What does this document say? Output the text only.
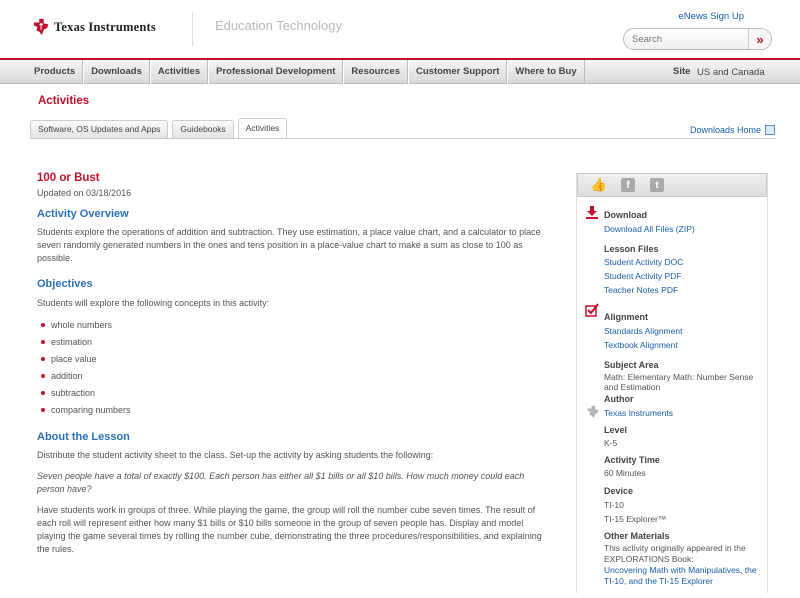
Texas Instruments	Education Technology
eNews Sign Up
Search
»
Products	Downloads	Activities	Professional Development	Resources	Customer Support	Where to Buy	Site US and Canada
Activities
Software, OS Updates and Apps	Guidebooks	Activities	Downloads Home
100 or Bust
Updated on 03/18/2016
Activity Overview
Students explore the operations of addition and subtraction. They use estimation, a place value chart, and a calculator to place seven randomly generated numbers in the ones and tens position in a place-value chart to make a sum as close to 100 as possible.
Objectives
Students will explore the following concepts in this activity:
whole numbers
estimation
place value
addition
subtraction
comparing numbers
About the Lesson
Distribute the student activity sheet to the class. Set-up the activity by asking students the following:
Seven people have a total of exactly $100. Each person has either all $1 bills or all $10 bills. How much money could each person have?
Have students work in groups of three. While playing the game, the group will roll the number cube seven times. The result of each roll will represent either how many $1 bills or $10 bills someone in the group of seven people has. Display and model playing the game several times by rolling the number cube, demonstrating the three procedures/responsibilities, and explaining the rules.
👍	f	t
Download
Download All Files (ZIP)
Lesson Files
Student Activity DOC
Student Activity PDF
Teacher Notes PDF
Alignment
Standards Alignment
Textbook Alignment
Subject Area
Math: Elementary Math: Number Sense and Estimation
Author
Texas Instruments
Level
K-5
Activity Time
60 Minutes
Device
TI-10
TI-15 Explorer™
Other Materials
This activity originally appeared in the EXPLORATIONS Book:
Uncovering Math with Manipulatives, the TI-10, and the TI-15 Explorer
